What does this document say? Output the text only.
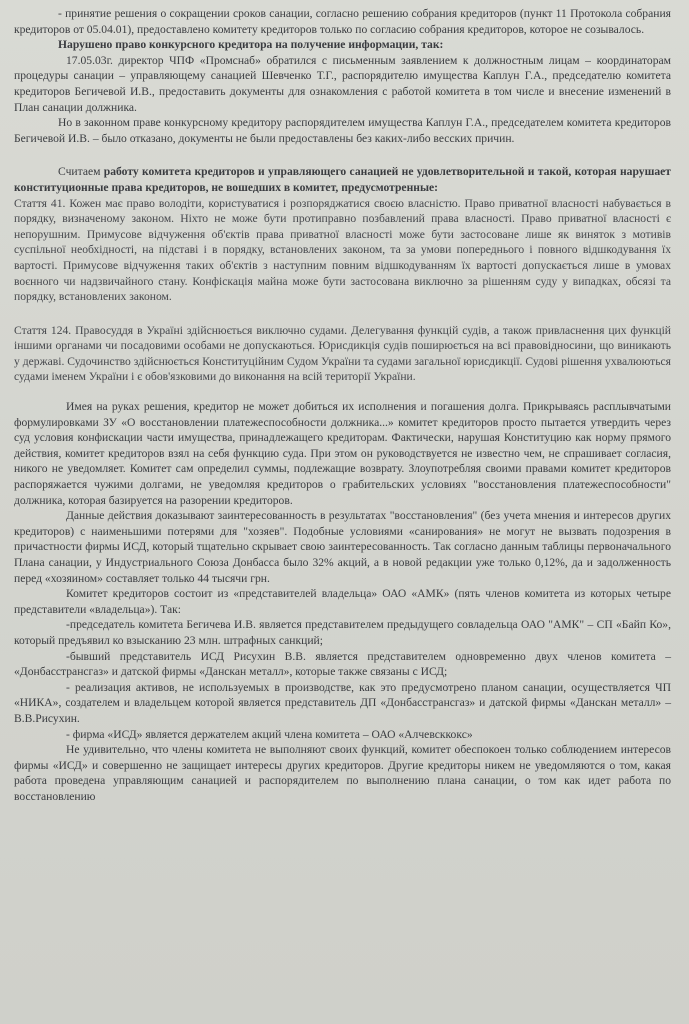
- принятие решения о сокращении сроков санации, согласно решению собрания кредиторов (пункт 11 Протокола собрания кредиторов от 05.04.01), предоставлено комитету кредиторов только по согласию собрания кредиторов, которое не созывалось.

Нарушено право конкурсного кредитора на получение информации, так:

17.05.03г. директор ЧПФ «Промснаб» обратился с письменным заявлением к должностным лицам – координаторам процедуры санации – управляющему санацией Шевченко Т.Г., распорядителю имущества Каплун Г.А., председателю комитета кредиторов Бегичевой И.В., предоставить документы для ознакомления с работой комитета в том числе и внесение изменений в План санации должника.

Но в законном праве конкурсному кредитору распорядителем имущества Каплун Г.А., председателем комитета кредиторов Бегичевой И.В. – было отказано, документы не были предоставлены без каких-либо весских причин.

Считаем работу комитета кредиторов и управляющего санацией не удовлетворительной и такой, которая нарушает конституционные права кредиторов, не вошедших в комитет, предусмотренные:

Стаття 41. Кожен має право володіти, користуватися і розпоряджатися своєю власністю. Право приватної власності набувається в порядку, визначеному законом. Ніхто не може бути протиправно позбавлений права власності. Право приватної власності є непорушним. Примусове відчуження об'єктів права приватної власності може бути застосоване лише як виняток з мотивів суспільної необхідності, на підставі і в порядку, встановлених законом, та за умови попереднього і повного відшкодування їх вартості. Примусове відчуження таких об'єктів з наступним повним відшкодуванням їх вартості допускається лише в умовах воєнного чи надзвичайного стану. Конфіскація майна може бути застосована виключно за рішенням суду у випадках, обсязі та порядку, встановлених законом.

Стаття 124. Правосуддя в Україні здійснюється виключно судами. Делегування функцій судів, а також привласнення цих функцій іншими органами чи посадовими особами не допускаються. Юрисдикція судів поширюється на всі правовідносини, що виникають у державі. Судочинство здійснюється Конституційним Судом України та судами загальної юрисдикції. Судові рішення ухвалюються судами іменем України і є обов'язковими до виконання на всій території України.

Имея на руках решения, кредитор не может добиться их исполнения и погашения долга. Прикрываясь расплывчатыми формулировками ЗУ «О восстановлении платежеспособности должника...» комитет кредиторов просто пытается утвердить через суд условия конфискации части имущества, принадлежащего кредиторам. Фактически, нарушая Конституцию как норму прямого действия, комитет кредиторов взял на себя функцию суда. При этом он руководствуется не известно чем, не спрашивает согласия, никого не уведомляет. Комитет сам определил суммы, подлежащие возврату. Злоупотребляя своими правами комитет кредиторов распоряжается чужими долгами, не уведомляя кредиторов о грабительских условиях "восстановления платежеспособности" должника, которая базируется на разорении кредиторов.

Данные действия доказывают заинтересованность в результатах "восстановления" (без учета мнения и интересов других кредиторов) с наименьшими потерями для "хозяев". Подобные условиями «санирования» не могут не вызвать подозрения в причастности фирмы ИСД, который тщательно скрывает свою заинтересованность. Так согласно данным таблицы первоначального Плана санации, у Индустриального Союза Донбасса было 32% акций, а в новой редакции уже только 0,12%, да и задолженность перед «хозяином» составляет только 44 тысячи грн.

Комитет кредиторов состоит из «представителей владельца» ОАО «АМК» (пять членов комитета из которых четыре представители «владельца»). Так:

-председатель комитета Бегичева И.В. является представителем предыдущего совладельца ОАО "АМК" – СП «Байп Ко», который предъявил ко взысканию 23 млн. штрафных санкций;

-бывший представитель ИСД Рисухин В.В. является представителем одновременно двух членов комитета – «Донбасстрансгаз» и датской фирмы «Данскан металл», которые также связаны с ИСД;

- реализация активов, не используемых в производстве, как это предусмотрено планом санации, осуществляется ЧП «НИКА», создателем и владельцем которой является представитель ДП «Донбасстрансгаз» и датской фирмы «Данскан металл» – В.В.Рисухин.

- фирма «ИСД» является держателем акций члена комитета – ОАО «Алчевсккокс»

Не удивительно, что члены комитета не выполняют своих функций, комитет обеспокоен только соблюдением интересов фирмы «ИСД» и совершенно не защищает интересы других кредиторов. Другие кредиторы никем не уведомляются о том, какая работа проведена управляющим санацией и распорядителем по выполнению плана санации, о том как идет работа по восстановлению
